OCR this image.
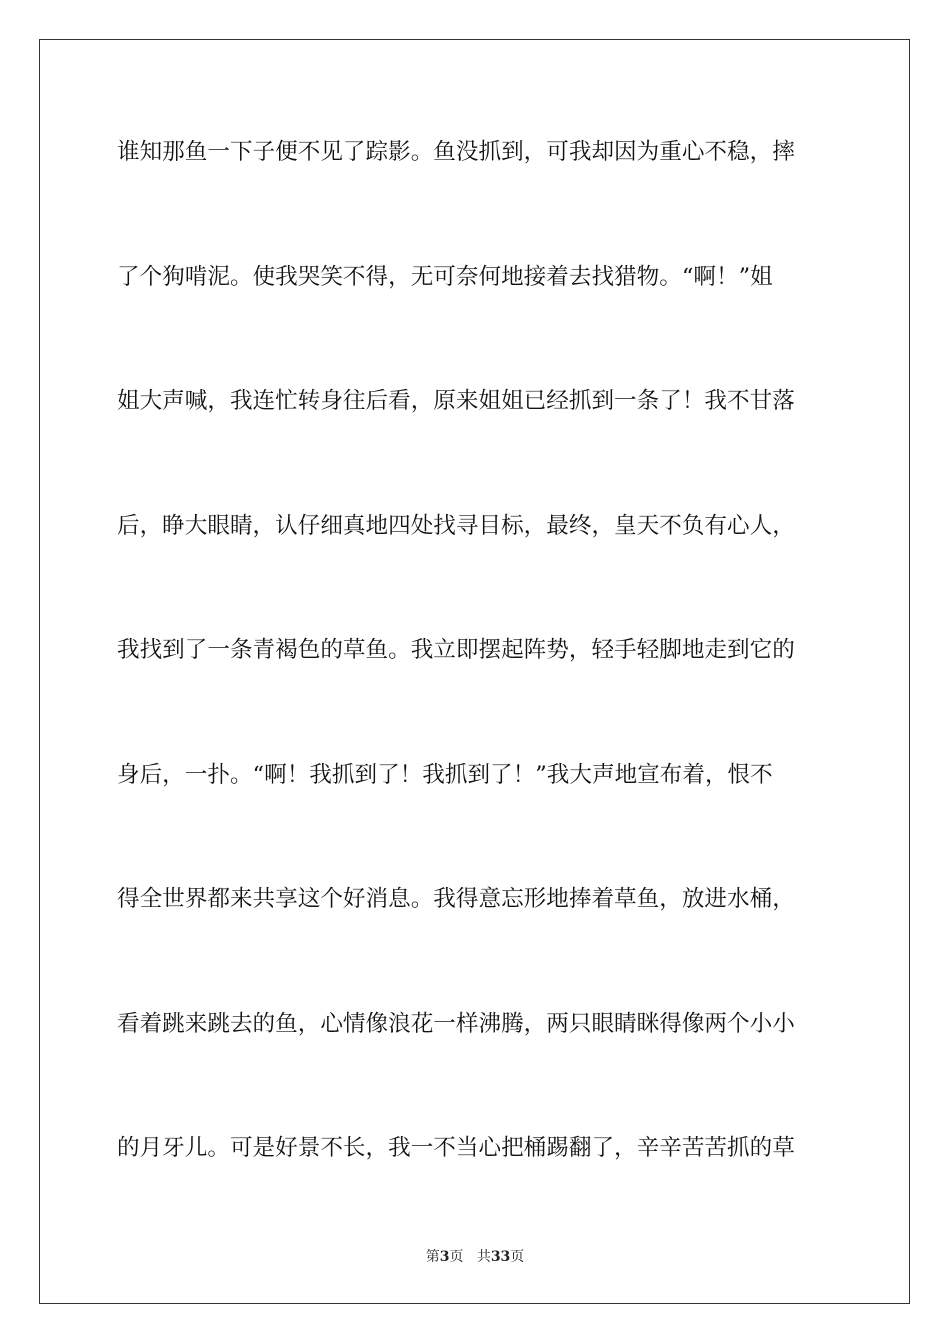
谁知那鱼一下子便不见了踪影。鱼没抓到，可我却因为重心不稳，摔
了个狗啃泥。使我哭笑不得，无可奈何地接着去找猎物。“啊！”姐
姐大声喊，我连忙转身往后看，原来姐姐已经抓到一条了！我不甘落
后，睁大眼睛，认仔细真地四处找寻目标，最终，皇天不负有心人，
我找到了一条青褐色的草鱼。我立即摆起阵势，轻手轻脚地走到它的
身后，一扑。“啊！我抓到了！我抓到了！”我大声地宣布着，恨不
得全世界都来共享这个好消息。我得意忘形地捧着草鱼，放进水桶，
看着跳来跳去的鱼，心情像浪花一样沸腾，两只眼睛眯得像两个小小
的月牙儿。可是好景不长，我一不当心把桶踢翻了，辛辛苦苦抓的草
第3页 共33页
